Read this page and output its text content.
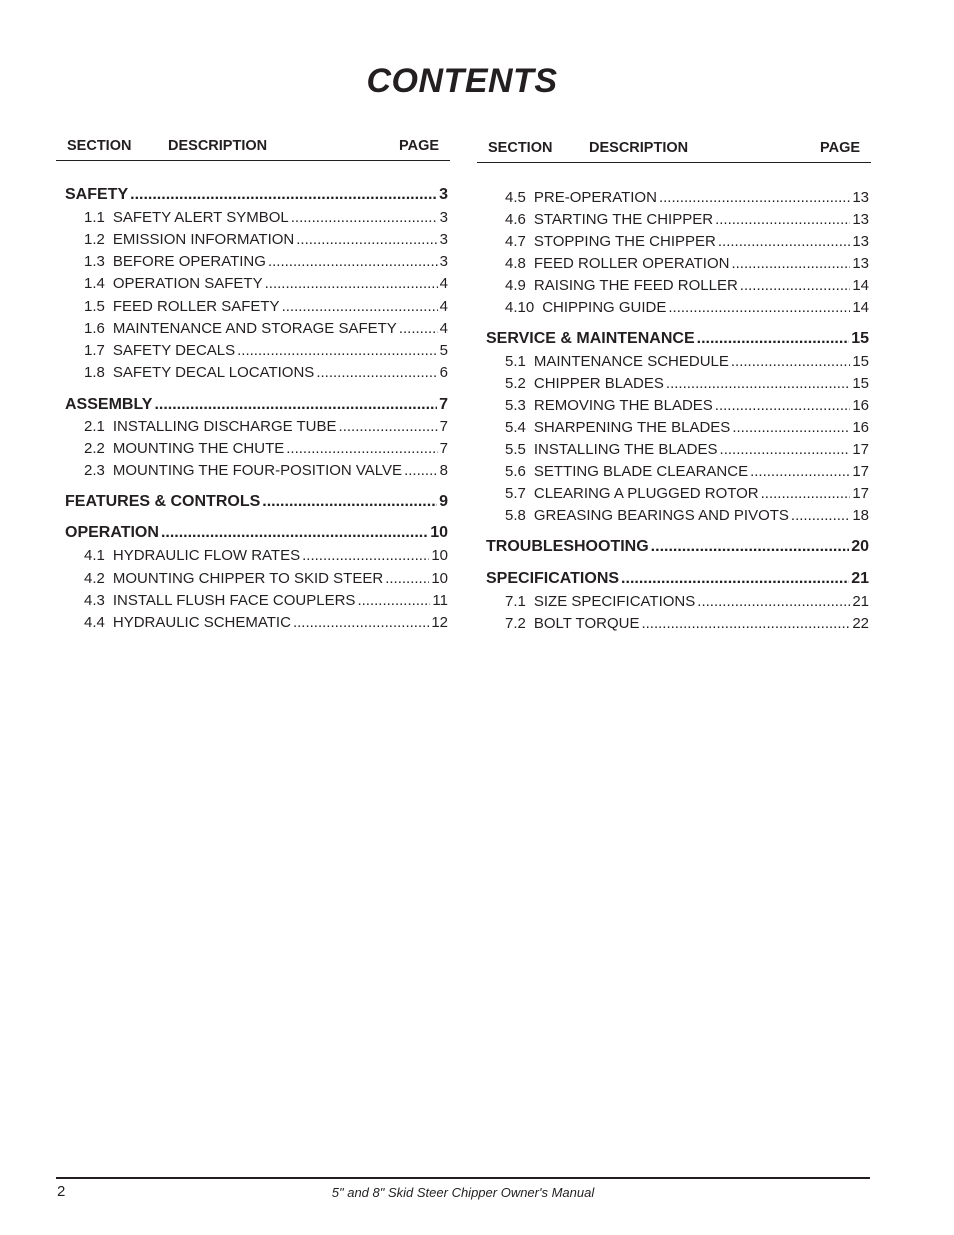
CONTENTS
SECTION	DESCRIPTION	PAGE
SAFETY .....	3
1.1 SAFETY ALERT SYMBOL .....	3
1.2 EMISSION INFORMATION .....	3
1.3 BEFORE OPERATING .....	3
1.4 OPERATION SAFETY .....	4
1.5 FEED ROLLER SAFETY .....	4
1.6 MAINTENANCE AND STORAGE SAFETY .....	4
1.7 SAFETY DECALS .....	5
1.8 SAFETY DECAL LOCATIONS .....	6
ASSEMBLY .....	7
2.1 INSTALLING DISCHARGE TUBE .....	7
2.2 MOUNTING THE CHUTE .....	7
2.3 MOUNTING THE FOUR-POSITION VALVE .....	8
FEATURES & CONTROLS .....	9
OPERATION .....	10
4.1 HYDRAULIC FLOW RATES .....	10
4.2 MOUNTING CHIPPER TO SKID STEER .....	10
4.3 INSTALL FLUSH FACE COUPLERS .....	11
4.4 HYDRAULIC SCHEMATIC .....	12
SECTION	DESCRIPTION	PAGE
4.5 PRE-OPERATION .....	13
4.6 STARTING THE CHIPPER .....	13
4.7 STOPPING THE CHIPPER .....	13
4.8 FEED ROLLER OPERATION .....	13
4.9 RAISING THE FEED ROLLER .....	14
4.10 CHIPPING GUIDE .....	14
SERVICE & MAINTENANCE .....	15
5.1 MAINTENANCE SCHEDULE .....	15
5.2 CHIPPER BLADES .....	15
5.3 REMOVING THE BLADES .....	16
5.4 SHARPENING THE BLADES .....	16
5.5 INSTALLING THE BLADES .....	17
5.6 SETTING BLADE CLEARANCE .....	17
5.7 CLEARING A PLUGGED ROTOR .....	17
5.8 GREASING BEARINGS AND PIVOTS .....	18
TROUBLESHOOTING .....	20
SPECIFICATIONS .....	21
7.1 SIZE SPECIFICATIONS .....	21
7.2 BOLT TORQUE .....	22
2	5" and 8" Skid Steer Chipper Owner's Manual
